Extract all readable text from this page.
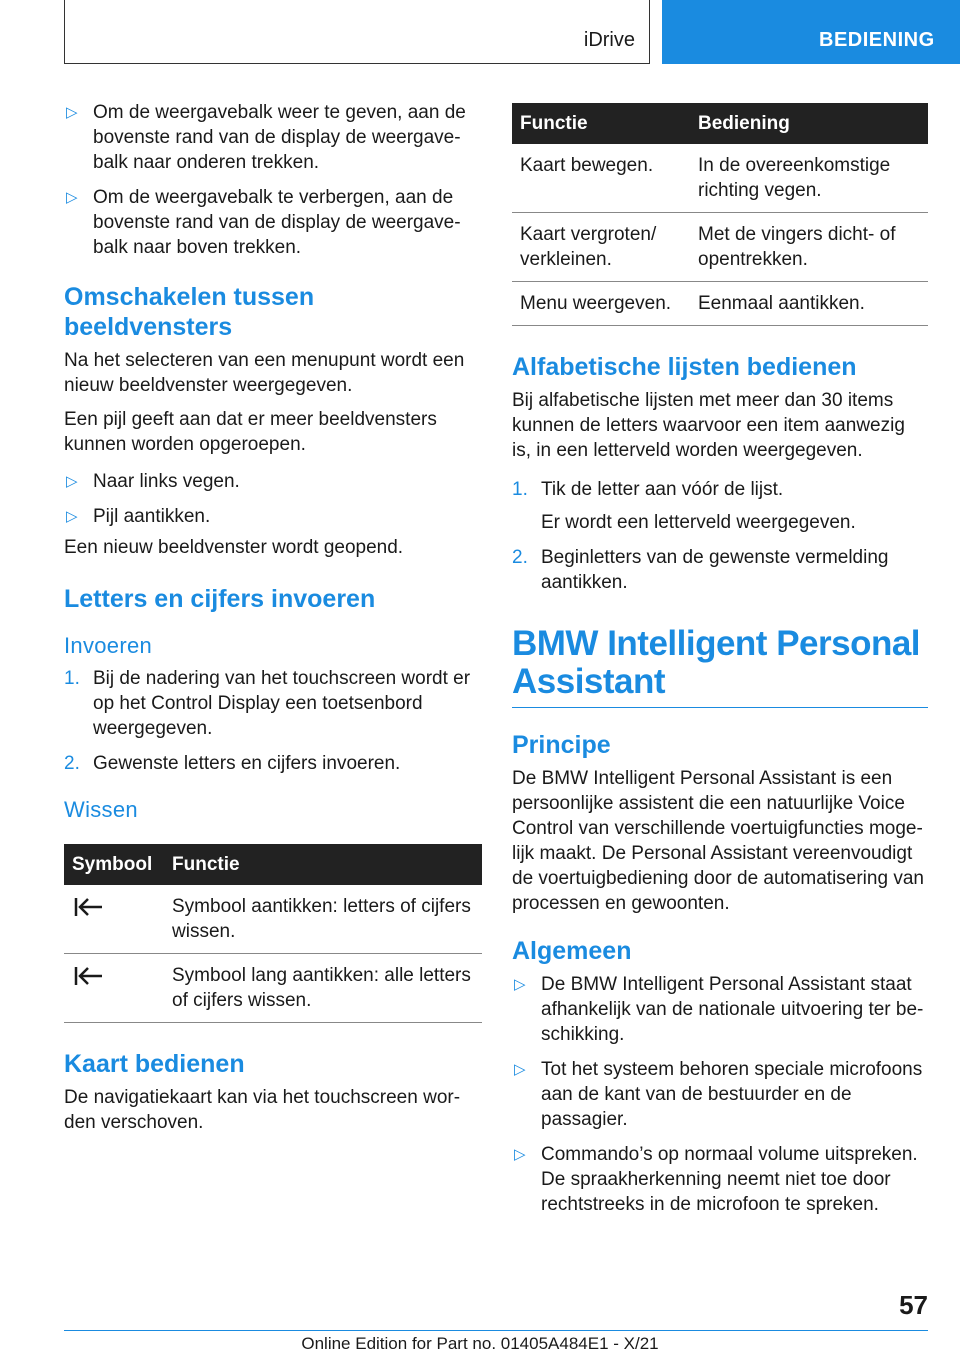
iDrive	BEDIENING
▷ Om de weergavebalk weer te geven, aan de bovenste rand van de display de weergavebalk naar onderen trekken.
▷ Om de weergavebalk te verbergen, aan de bovenste rand van de display de weergavebalk naar boven trekken.
Omschakelen tussen beeldvensters

Na het selecteren van een menupunt wordt een nieuw beeldvenster weergegeven.

Een pijl geeft aan dat er meer beeldvensters kunnen worden opgeroepen.

▷ Naar links vegen.
▷ Pijl aantikken.

Een nieuw beeldvenster wordt geopend.

Letters en cijfers invoeren
Invoeren
1. Bij de nadering van het touchscreen wordt er op het Control Display een toetsenbord weergegeven.
2. Gewenste letters en cijfers invoeren.
Wissen
Symbool	Functie
	Symbool aantikken: letters of cijfers wissen.
	Symbool lang aantikken: alle letters of cijfers wissen.
Kaart bedienen

De navigatiekaart kan via het touchscreen worden verschoven.

Functie	Bediening
Kaart bewegen.	In de overeenkomstige richting vegen.
Kaart vergroten/ verkleinen.	Met de vingers dicht- of opentrekken.
Menu weergeven.	Eenmaal aantikken.
Alfabetische lijsten bedienen

Bij alfabetische lijsten met meer dan 30 items kunnen de letters waarvoor een item aanwezig is, in een letterveld worden weergegeven.

1. Tik de letter aan vóór de lijst.
Er wordt een letterveld weergegeven.
2. Beginletters van de gewenste vermelding aantikken.
BMW Intelligent Personal Assistant
Principe

De BMW Intelligent Personal Assistant is een persoonlijke assistent die een natuurlijke Voice Control van verschillende voertuigfuncties mogelijk maakt. De Personal Assistant vereenvoudigt de voertuigbediening door de automatisering van processen en gewoonten.

Algemeen
▷ De BMW Intelligent Personal Assistant staat afhankelijk van de nationale uitvoering ter beschikking.
▷ Tot het systeem behoren speciale microfoons aan de kant van de bestuurder en de passagier.
▷ Commando’s op normaal volume uitspreken. De spraakherkenning neemt niet toe door rechtstreeks in de microfoon te spreken.
57
Online Edition for Part no. 01405A484E1 - X/21
